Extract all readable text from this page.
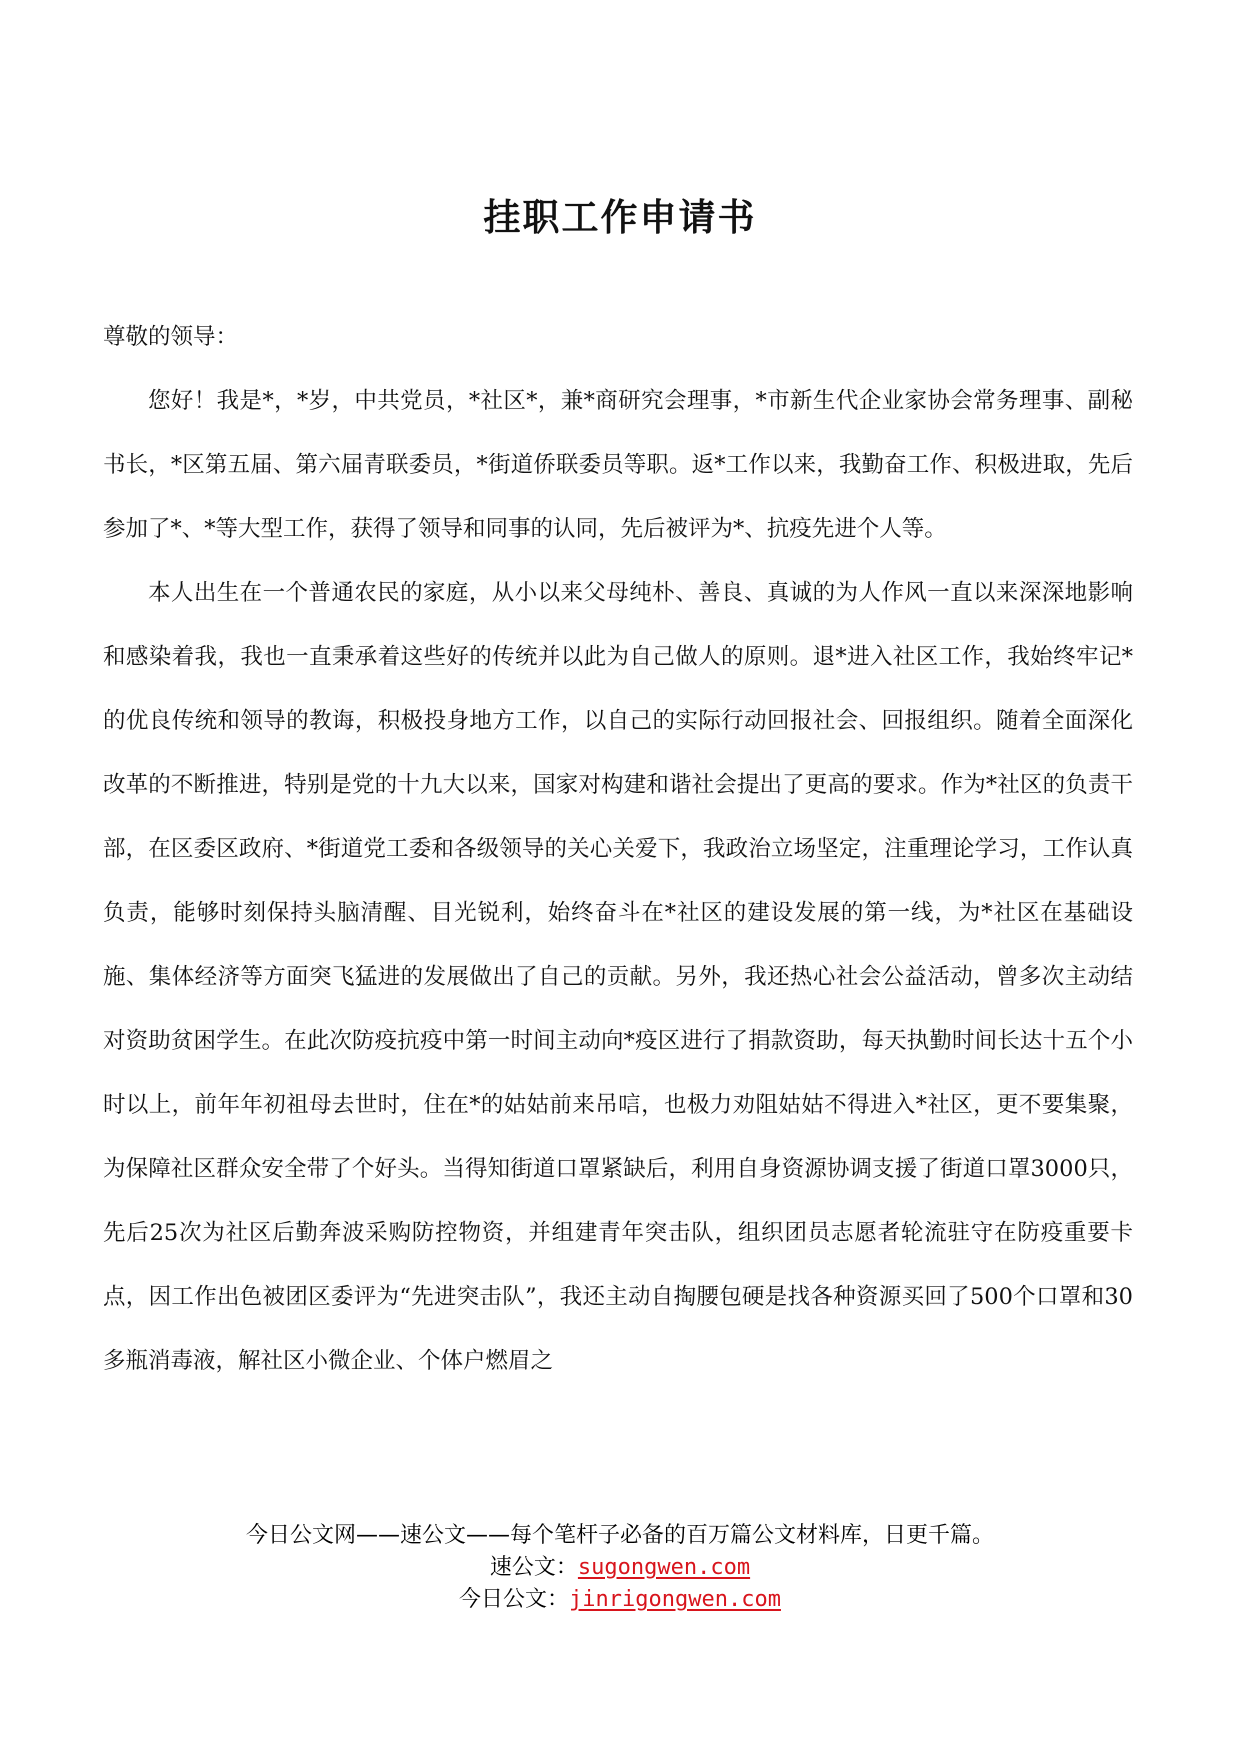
挂职工作申请书

尊敬的领导：

您好！我是*，*岁，中共党员，*社区*，兼*商研究会理事，*市新生代企业家协会常务理事、副秘书长，*区第五届、第六届青联委员，*街道侨联委员等职。返*工作以来，我勤奋工作、积极进取，先后参加了*、*等大型工作，获得了领导和同事的认同，先后被评为*、抗疫先进个人等。

本人出生在一个普通农民的家庭，从小以来父母纯朴、善良、真诚的为人作风一直以来深深地影响和感染着我，我也一直秉承着这些好的传统并以此为自己做人的原则。退*进入社区工作，我始终牢记*的优良传统和领导的教诲，积极投身地方工作，以自己的实际行动回报社会、回报组织。随着全面深化改革的不断推进，特别是党的十九大以来，国家对构建和谐社会提出了更高的要求。作为*社区的负责干部，在区委区政府、*街道党工委和各级领导的关心关爱下，我政治立场坚定，注重理论学习，工作认真负责，能够时刻保持头脑清醒、目光锐利，始终奋斗在*社区的建设发展的第一线，为*社区在基础设施、集体经济等方面突飞猛进的发展做出了自己的贡献。另外，我还热心社会公益活动，曾多次主动结对资助贫困学生。在此次防疫抗疫中第一时间主动向*疫区进行了捐款资助，每天执勤时间长达十五个小时以上，前年年初祖母去世时，住在*的姑姑前来吊唁，也极力劝阻姑姑不得进入*社区，更不要集聚，为保障社区群众安全带了个好头。当得知街道口罩紧缺后，利用自身资源协调支援了街道口罩3000只，先后25次为社区后勤奔波采购防控物资，并组建青年突击队，组织团员志愿者轮流驻守在防疫重要卡点，因工作出色被团区委评为“先进突击队”，我还主动自掏腰包硬是找各种资源买回了500个口罩和30多瓶消毒液，解社区小微企业、个体户燃眉之

今日公文网——速公文——每个笔杆子必备的百万篇公文材料库，日更千篇。
速公文：sugongwen.com
今日公文：jinrigongwen.com
